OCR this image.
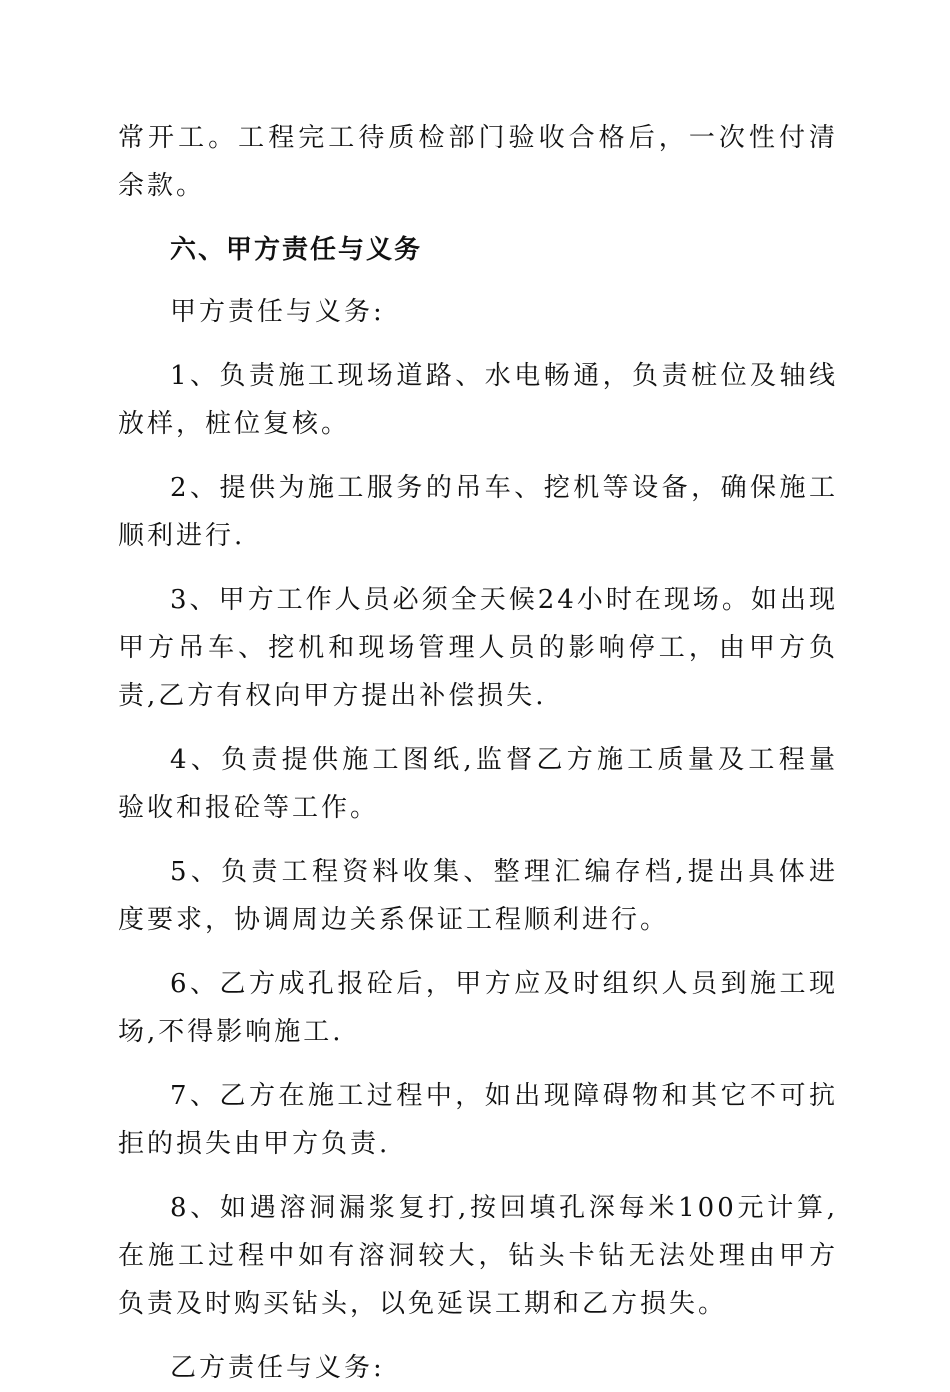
常开工。工程完工待质检部门验收合格后，一次性付清余款。

六、甲方责任与义务

甲方责任与义务:

1、负责施工现场道路、水电畅通，负责桩位及轴线放样，桩位复核。

2、提供为施工服务的吊车、挖机等设备，确保施工顺利进行.

3、甲方工作人员必须全天候24小时在现场。如出现甲方吊车、挖机和现场管理人员的影响停工，由甲方负责,乙方有权向甲方提出补偿损失.

4、负责提供施工图纸,监督乙方施工质量及工程量验收和报砼等工作。

5、负责工程资料收集、整理汇编存档,提出具体进度要求，协调周边关系保证工程顺利进行。

6、乙方成孔报砼后，甲方应及时组织人员到施工现场,不得影响施工.

7、乙方在施工过程中，如出现障碍物和其它不可抗拒的损失由甲方负责.

8、如遇溶洞漏浆复打,按回填孔深每米100元计算,在施工过程中如有溶洞较大，钻头卡钻无法处理由甲方负责及时购买钻头，以免延误工期和乙方损失。

乙方责任与义务:
